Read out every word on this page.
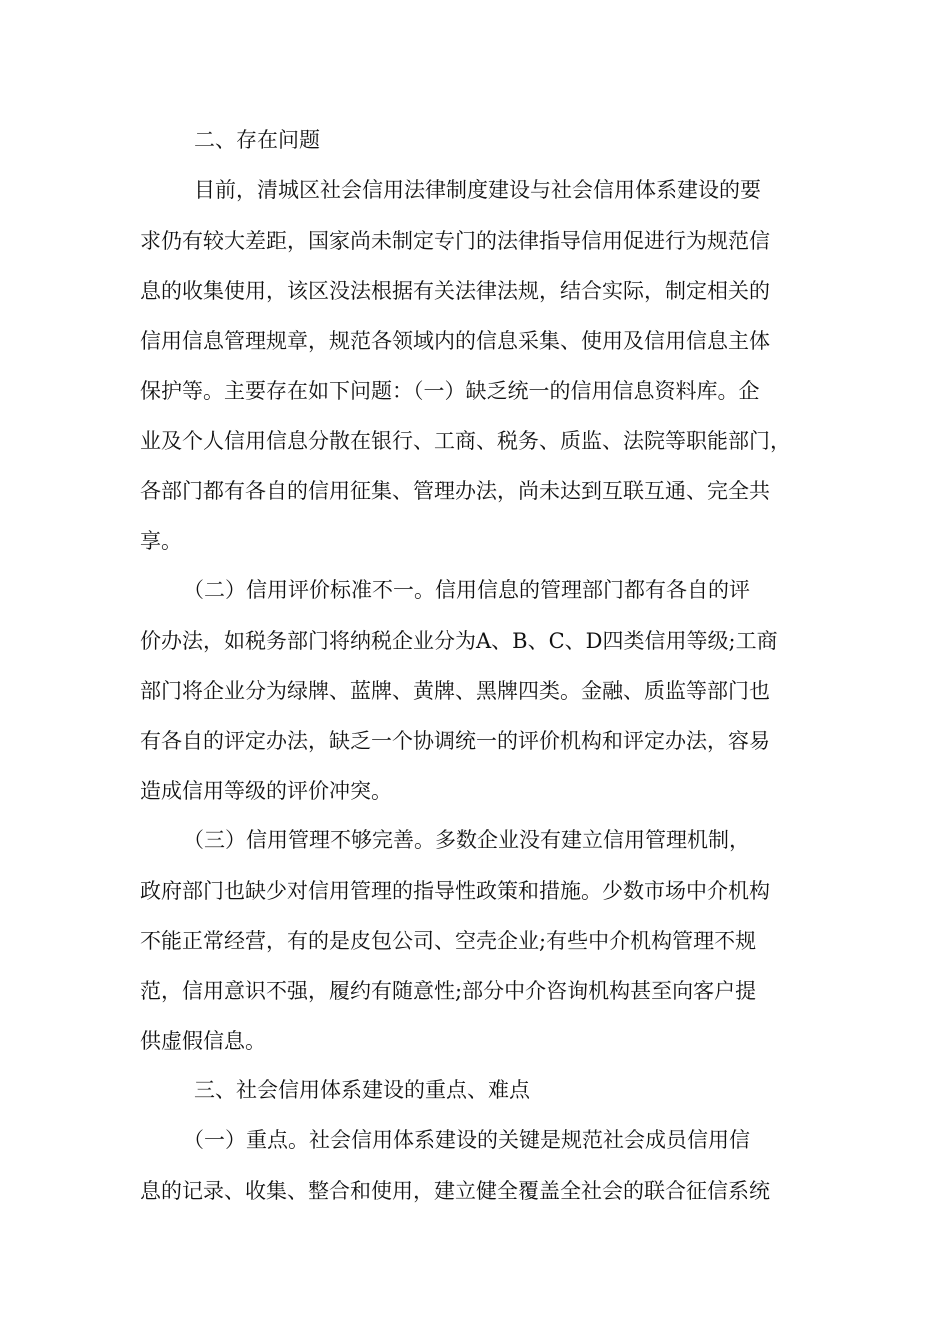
二、存在问题
目前，清城区社会信用法律制度建设与社会信用体系建设的要
求仍有较大差距，国家尚未制定专门的法律指导信用促进行为规范信
息的收集使用，该区没法根据有关法律法规，结合实际，制定相关的
信用信息管理规章，规范各领域内的信息采集、使用及信用信息主体
保护等。主要存在如下问题：（一）缺乏统一的信用信息资料库。企
业及个人信用信息分散在银行、工商、税务、质监、法院等职能部门，
各部门都有各自的信用征集、管理办法，尚未达到互联互通、完全共
享。
（二）信用评价标准不一。信用信息的管理部门都有各自的评
价办法，如税务部门将纳税企业分为A、B、C、D四类信用等级;工商
部门将企业分为绿牌、蓝牌、黄牌、黑牌四类。金融、质监等部门也
有各自的评定办法，缺乏一个协调统一的评价机构和评定办法，容易
造成信用等级的评价冲突。
（三）信用管理不够完善。多数企业没有建立信用管理机制，
政府部门也缺少对信用管理的指导性政策和措施。少数市场中介机构
不能正常经营，有的是皮包公司、空壳企业;有些中介机构管理不规
范，信用意识不强，履约有随意性;部分中介咨询机构甚至向客户提
供虚假信息。
三、社会信用体系建设的重点、难点
（一）重点。社会信用体系建设的关键是规范社会成员信用信
息的记录、收集、整合和使用，建立健全覆盖全社会的联合征信系统
